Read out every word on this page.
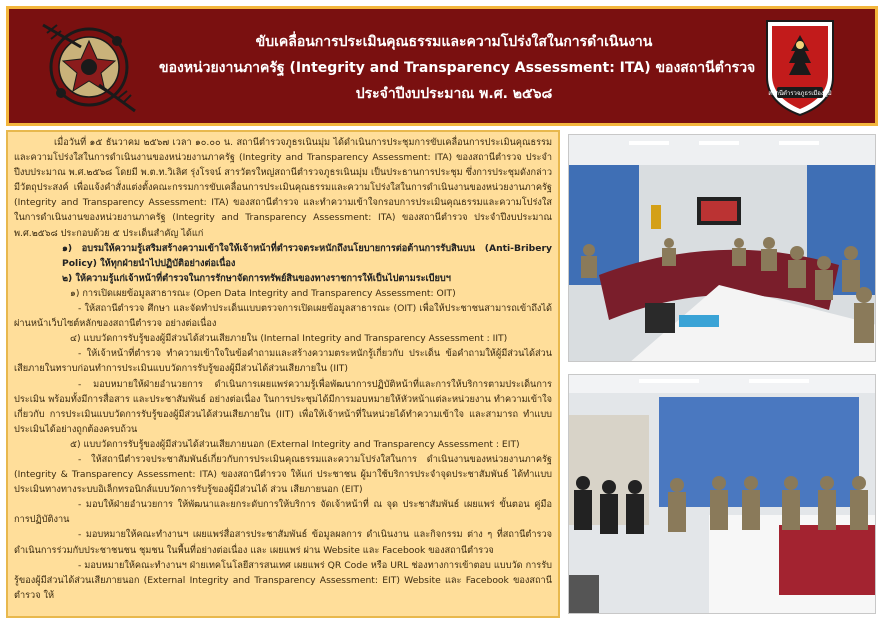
ขับเคลื่อนการประเมินคุณธรรมและความโปร่งใสในการดำเนินงาน
ของหน่วยงานภาครัฐ (Integrity and Transparency Assessment: ITA) ของสถานีตำรวจ
ประจำปีงบประมาณ พ.ศ. ๒๕๖๘	สถานีตำรวจภูธรเมืองภูมิ

เมื่อวันที่ ๑๕ ธันวาคม ๒๕๖๗ เวลา ๑๐.๐๐ น. สถานีตำรวจภูธรเนินมุ่ม ได้ดำเนินการประชุมการขับเคลื่อนการประเมินคุณธรรมและความโปร่งใสในการดำเนินงานของหน่วยงานภาครัฐ (Integrity and Transparency Assessment: ITA) ของสถานีตำรวจ ประจำปีงบประมาณ พ.ศ.๒๕๖๘ โดยมี พ.ต.ท.วิเลิศ รุ่งโรจน์ สารวัตรใหญ่สถานีตำรวจภูธรเนินมุ่ม เป็นประธานการประชุม ซึ่งการประชุมดังกล่าวมีวัตถุประสงค์ เพื่อแจ้งคำสั่งแต่งตั้งคณะกรรมการขับเคลื่อนการประเมินคุณธรรมและความโปร่งใสในการดำเนินงานของหน่วยงานภาครัฐ (Integrity and Transparency Assessment: ITA) ของสถานีตำรวจ และทำความเข้าใจกรอบการประเมินคุณธรรมและความโปร่งใสในการดำเนินงานของหน่วยงานภาครัฐ (Integrity and Transparency Assessment: ITA) ของสถานีตำรวจ ประจำปีงบประมาณ พ.ศ.๒๕๖๘ ประกอบด้วย ๕ ประเด็นสำคัญ ได้แก่

๑) อบรมให้ความรู้เสริมสร้างความเข้าใจให้เจ้าหน้าที่ตำรวจตระหนักถึงนโยบายการต่อต้านการรับสินบน (Anti-Bribery Policy) ให้ทุกฝ่ายนำไปปฏิบัติอย่างต่อเนื่อง

๒) ให้ความรู้แก่เจ้าหน้าที่ตำรวจในการรักษาจัดการทรัพย์สินของทางราชการให้เป็นไปตามระเบียบฯ

๑) การเปิดเผยข้อมูลสาธารณะ (Open Data Integrity and Transparency Assessment: OIT)

- ให้สถานีตำรวจ ศึกษา และจัดทำประเด็นแบบตรวจการเปิดเผยข้อมูลสาธารณะ (OIT) เพื่อให้ประชาชนสามารถเข้าถึงได้ผ่านหน้าเว็บไซต์หลักของสถานีตำรวจ อย่างต่อเนื่อง

๔) แบบวัดการรับรู้ของผู้มีส่วนได้ส่วนเสียภายใน (Internal Integrity and Transparency Assessment : IIT)

- ให้เจ้าหน้าที่ตำรวจ ทำความเข้าใจในข้อคำถามและสร้างความตระหนักรู้เกี่ยวกับ ประเด็น ข้อคำถามให้ผู้มีส่วนได้ส่วนเสียภายในทราบก่อนทำการประเมินแบบวัดการรับรู้ของผู้มีส่วนได้ส่วนเสียภายใน (IIT)

- มอบหมายให้ฝ่ายอำนวยการ ดำเนินการเผยแพร่ความรู้เพื่อพัฒนาการปฏิบัติหน้าที่และการให้บริการตามประเด็นการประเมิน พร้อมทั้งมีการสื่อสาร และประชาสัมพันธ์ อย่างต่อเนื่อง ในการประชุมได้มีการมอบหมายให้หัวหน้าแต่ละหน่วยงาน ทำความเข้าใจ เกี่ยวกับ การประเมินแบบวัดการรับรู้ของผู้มีส่วนได้ส่วนเสียภายใน (IIT) เพื่อให้เจ้าหน้าที่ในหน่วยได้ทำความเข้าใจ และสามารถ ทำแบบประเมินได้อย่างถูกต้องครบถ้วน

๕) แบบวัดการรับรู้ของผู้มีส่วนได้ส่วนเสียภายนอก (External Integrity and Transparency Assessment : EIT)

- ให้สถานีตำรวจประชาสัมพันธ์เกี่ยวกับการประเมินคุณธรรมและความโปร่งใสในการ ดำเนินงานของหน่วยงานภาครัฐ (Integrity & Transparency Assessment: ITA) ของสถานีตำรวจ ให้แก่ ประชาชน ผู้มาใช้บริการประจำจุดประชาสัมพันธ์ ได้ทำแบบประเมินทางทางระบบอิเล็กทรอนิกส์แบบวัดการรับรู้ของผู้มีส่วนได้ ส่วน เสียภายนอก (EIT)

- มอบให้ฝ่ายอำนวยการ ให้พัฒนาและยกระดับการให้บริการ จัดเจ้าหน้าที่ ณ จุด ประชาสัมพันธ์ เผยแพร่ ขั้นตอน คู่มือการปฏิบัติงาน

- มอบหมายให้คณะทำงานฯ เผยแพร่สื่อสารประชาสัมพันธ์ ข้อมูลผลการ ดำเนินงาน และกิจกรรม ต่าง ๆ ที่สถานีตำรวจดำเนินการร่วมกับประชาชนชน ชุมชน ในพื้นที่อย่างต่อเนื่อง และ เผยแพร่ ผ่าน Website และ Facebook ของสถานีตำรวจ

- มอบหมายให้คณะทำงานฯ ฝ่ายเทคโนโลยีสารสนเทศ เผยแพร่ QR Code หรือ URL ช่องทางการเข้าตอบ แบบวัด การรับรู้ของผู้มีส่วนได้ส่วนเสียภายนอก (External Integrity and Transparency Assessment: EIT) Website และ Facebook ของสถานีตำรวจ ให้
